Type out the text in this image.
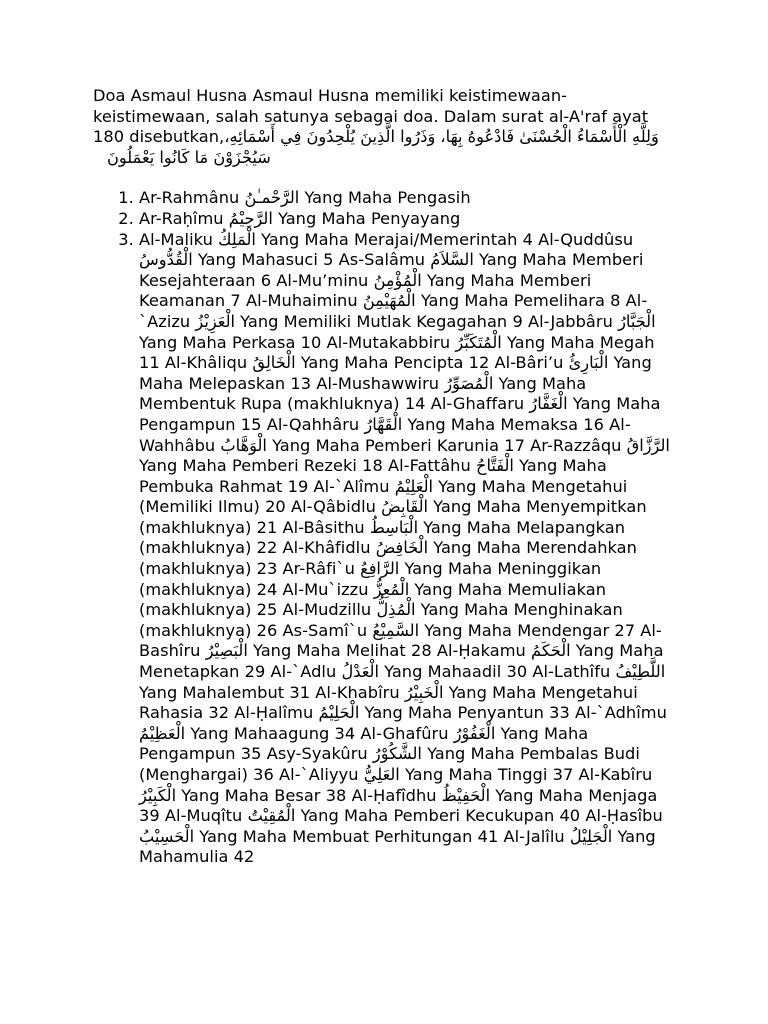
Doa Asmaul Husna Asmaul Husna memiliki keistimewaan-keistimewaan, salah satunya sebagai doa. Dalam surat al-A'raf ayat 180 disebutkan,وَلِلَّهِ الْأَسْمَاءُ الْحُسْنَىٰ فَادْعُوهُ بِهَا، وَذَرُوا الَّذِينَ يُلْحِدُونَ فِي أَسْمَائِهِ، سَيُجْزَوْنَ مَا كَانُوا يَعْمَلُونَ

1. Ar-Rahmânu الرَّحْمـٰنُ Yang Maha Pengasih
2. Ar-Raḥîmu الرَّحِيْمُ Yang Maha Penyayang
3. Al-Maliku الْمَلِكُ Yang Maha Merajai/Memerintah 4 Al-Quddûsu الْقُدُّوسُ Yang Mahasuci 5 As-Salâmu السَّلاَمُ Yang Maha Memberi Kesejahteraan 6 Al-Mu’minu الْمُؤْمِنُ Yang Maha Memberi Keamanan 7 Al-Muhaiminu الْمُهَيْمِنُ Yang Maha Pemelihara 8 Al-`Azizu الْعَزِيْزُ Yang Memiliki Mutlak Kegagahan 9 Al-Jabbâru الْجَبَّارُ Yang Maha Perkasa 10 Al-Mutakabbiru الْمُتَكَبِّرُ Yang Maha Megah 11 Al-Khâliqu الْخَالِقُ Yang Maha Pencipta 12 Al-Bâri’u الْبَارِئُ Yang Maha Melepaskan 13 Al-Mushawwiru الْمُصَوِّرُ Yang Maha Membentuk Rupa (makhluknya) 14 Al-Ghaffaru الْغَفَّارُ Yang Maha Pengampun 15 Al-Qahhâru الْقَهَّارُ Yang Maha Memaksa 16 Al-Wahhâbu الْوَهَّابُ Yang Maha Pemberi Karunia 17 Ar-Razzâqu الرَّزَّاقُ Yang Maha Pemberi Rezeki 18 Al-Fattâhu الْفَتَّاحُ Yang Maha Pembuka Rahmat 19 Al-`Alîmu الْعَلِيْمُ Yang Maha Mengetahui (Memiliki Ilmu) 20 Al-Qâbidlu الْقَابِضُ Yang Maha Menyempitkan (makhluknya) 21 Al-Bâsithu الْبَاسِطُ Yang Maha Melapangkan (makhluknya) 22 Al-Khâfidlu الْخَافِضُ Yang Maha Merendahkan (makhluknya) 23 Ar-Râfi`u الرَّافِعُ Yang Maha Meninggikan (makhluknya) 24 Al-Mu`izzu الْمُعِزُّ Yang Maha Memuliakan (makhluknya) 25 Al-Mudzillu الْمُذِلُّ Yang Maha Menghinakan (makhluknya) 26 As-Samî`u السَّمِيْعُ Yang Maha Mendengar 27 Al-Bashîru الْبَصِيْرُ Yang Maha Melihat 28 Al-Ḥakamu الْحَكَمُ Yang Maha Menetapkan 29 Al-`Adlu الْعَدْلُ Yang Mahaadil 30 Al-Lathîfu اللَّطِيْفُ Yang Mahalembut 31 Al-Khabîru الْخَبِيْرُ Yang Maha Mengetahui Rahasia 32 Al-Ḥalîmu الْحَلِيْمُ Yang Maha Penyantun 33 Al-`Adhîmu الْعَظِيْمُ Yang Mahaagung 34 Al-Ghafûru الْغَفُوْرُ Yang Maha Pengampun 35 Asy-Syakûru الشَّكُوْرُ Yang Maha Pembalas Budi (Menghargai) 36 Al-`Aliyyu العَلِيُّ Yang Maha Tinggi 37 Al-Kabîru الْكَبِيْرُ Yang Maha Besar 38 Al-Ḥafîdhu الْحَفِيْظُ Yang Maha Menjaga 39 Al-Muqîtu الْمُقِيْتُ Yang Maha Pemberi Kecukupan 40 Al-Ḥasîbu الْحَسِيْبُ Yang Maha Membuat Perhitungan 41 Al-Jalîlu الْجَلِيْلُ Yang Mahamulia 42
